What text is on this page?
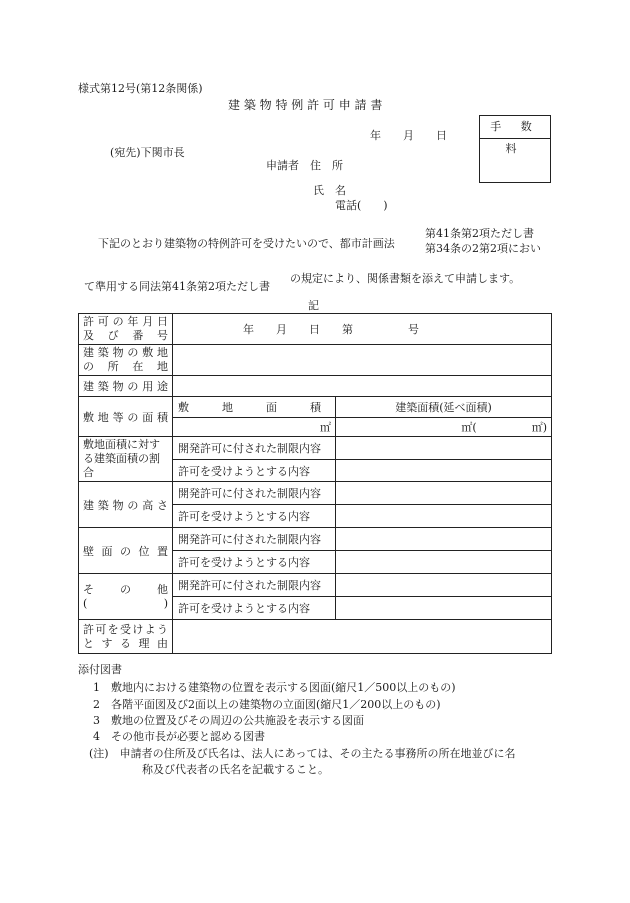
様式第12号(第12条関係)
建 築 物 特 例 許 可 申 請 書
手 数 料
年　　月　　日
(宛先)下関市長
申請者　住　所
氏　名
電話(　　)
下記のとおり建築物の特例許可を受けたいので、都市計画法
第41条第2項ただし書
第34条の2第2項におい
て準用する同法第41条第2項ただし書
の規定により、関係書類を添えて申請します。
記
許可の年月日
及 び 番 号	年　　月　　日　　第　　　　　号	

建築物の敷地
の 所 在 地		

建築物の用途		
敷地等の面積	敷　　　地　　　面　　　積	建築面積(延べ面積)
	㎡	㎡(　　　　　㎡)
敷地面積に対する建築面積の割合	開発許可に付された制限内容	
	許可を受けようとする内容	
建築物の高さ	開発許可に付された制限内容	
	許可を受けようとする内容	
壁 面 の 位 置	開発許可に付された制限内容	
	許可を受けようとする内容	

そ　　の　　他
(　　　　　　)	開発許可に付された制限内容	
	許可を受けようとする内容	

許可を受けよう
と す る 理 由		

添付図書
1　敷地内における建築物の位置を表示する図面(縮尺1／500以上のもの)
2　各階平面図及び2面以上の建築物の立面図(縮尺1／200以上のもの)
3　敷地の位置及びその周辺の公共施設を表示する図面
4　その他市長が必要と認める図書
(注)　申請者の住所及び氏名は、法人にあっては、その主たる事務所の所在地並びに名
称及び代表者の氏名を記載すること。
